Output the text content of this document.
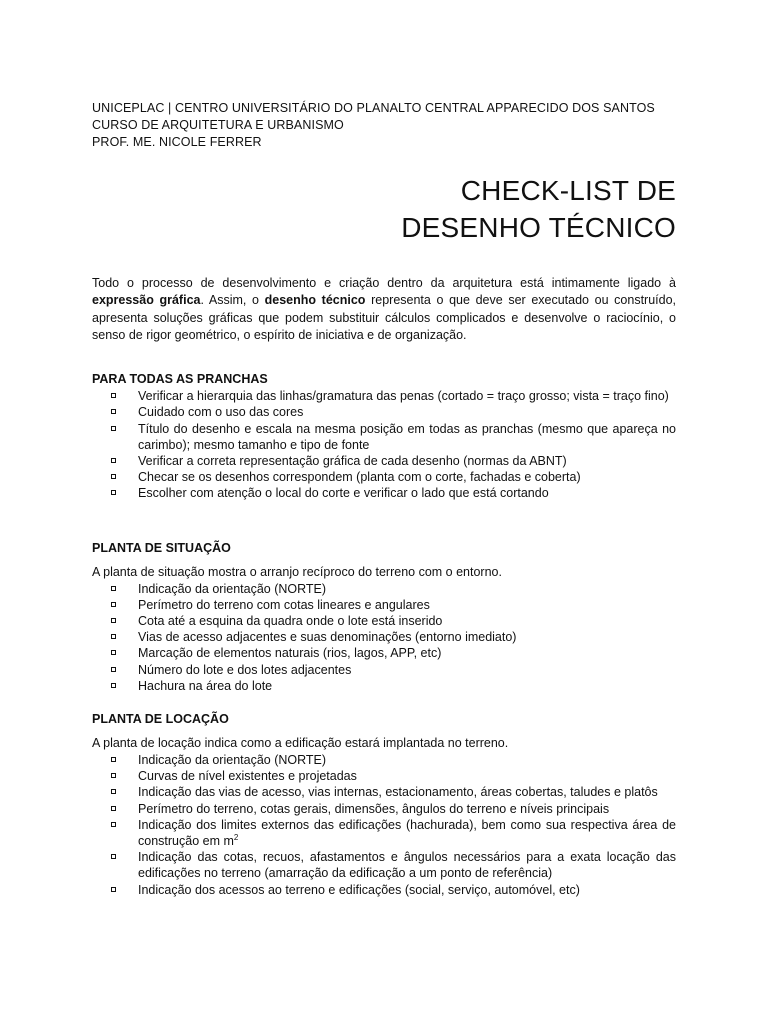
UNICEPLAC | CENTRO UNIVERSITÁRIO DO PLANALTO CENTRAL APPARECIDO DOS SANTOS
CURSO DE ARQUITETURA E URBANISMO
PROF. ME. NICOLE FERRER
CHECK-LIST DE
DESENHO TÉCNICO

Todo o processo de desenvolvimento e criação dentro da arquitetura está intimamente ligado à expressão gráfica. Assim, o desenho técnico representa o que deve ser executado ou construído, apresenta soluções gráficas que podem substituir cálculos complicados e desenvolve o raciocínio, o senso de rigor geométrico, o espírito de iniciativa e de organização.

PARA TODAS AS PRANCHAS
Verificar a hierarquia das linhas/gramatura das penas (cortado = traço grosso; vista = traço fino)
Cuidado com o uso das cores
Título do desenho e escala na mesma posição em todas as pranchas (mesmo que apareça no carimbo); mesmo tamanho e tipo de fonte
Verificar a correta representação gráfica de cada desenho (normas da ABNT)
Checar se os desenhos correspondem (planta com o corte, fachadas e coberta)
Escolher com atenção o local do corte e verificar o lado que está cortando
PLANTA DE SITUAÇÃO
A planta de situação mostra o arranjo recíproco do terreno com o entorno.
Indicação da orientação (NORTE)
Perímetro do terreno com cotas lineares e angulares
Cota até a esquina da quadra onde o lote está inserido
Vias de acesso adjacentes e suas denominações (entorno imediato)
Marcação de elementos naturais (rios, lagos, APP, etc)
Número do lote e dos lotes adjacentes
Hachura na área do lote
PLANTA DE LOCAÇÃO
A planta de locação indica como a edificação estará implantada no terreno.
Indicação da orientação (NORTE)
Curvas de nível existentes e projetadas
Indicação das vias de acesso, vias internas, estacionamento, áreas cobertas, taludes e platôs
Perímetro do terreno, cotas gerais, dimensões, ângulos do terreno e níveis principais
Indicação dos limites externos das edificações (hachurada), bem como sua respectiva área de construção em $m^2$
Indicação das cotas, recuos, afastamentos e ângulos necessários para a exata locação das edificações no terreno (amarração da edificação a um ponto de referência)
Indicação dos acessos ao terreno e edificações (social, serviço, automóvel, etc)
